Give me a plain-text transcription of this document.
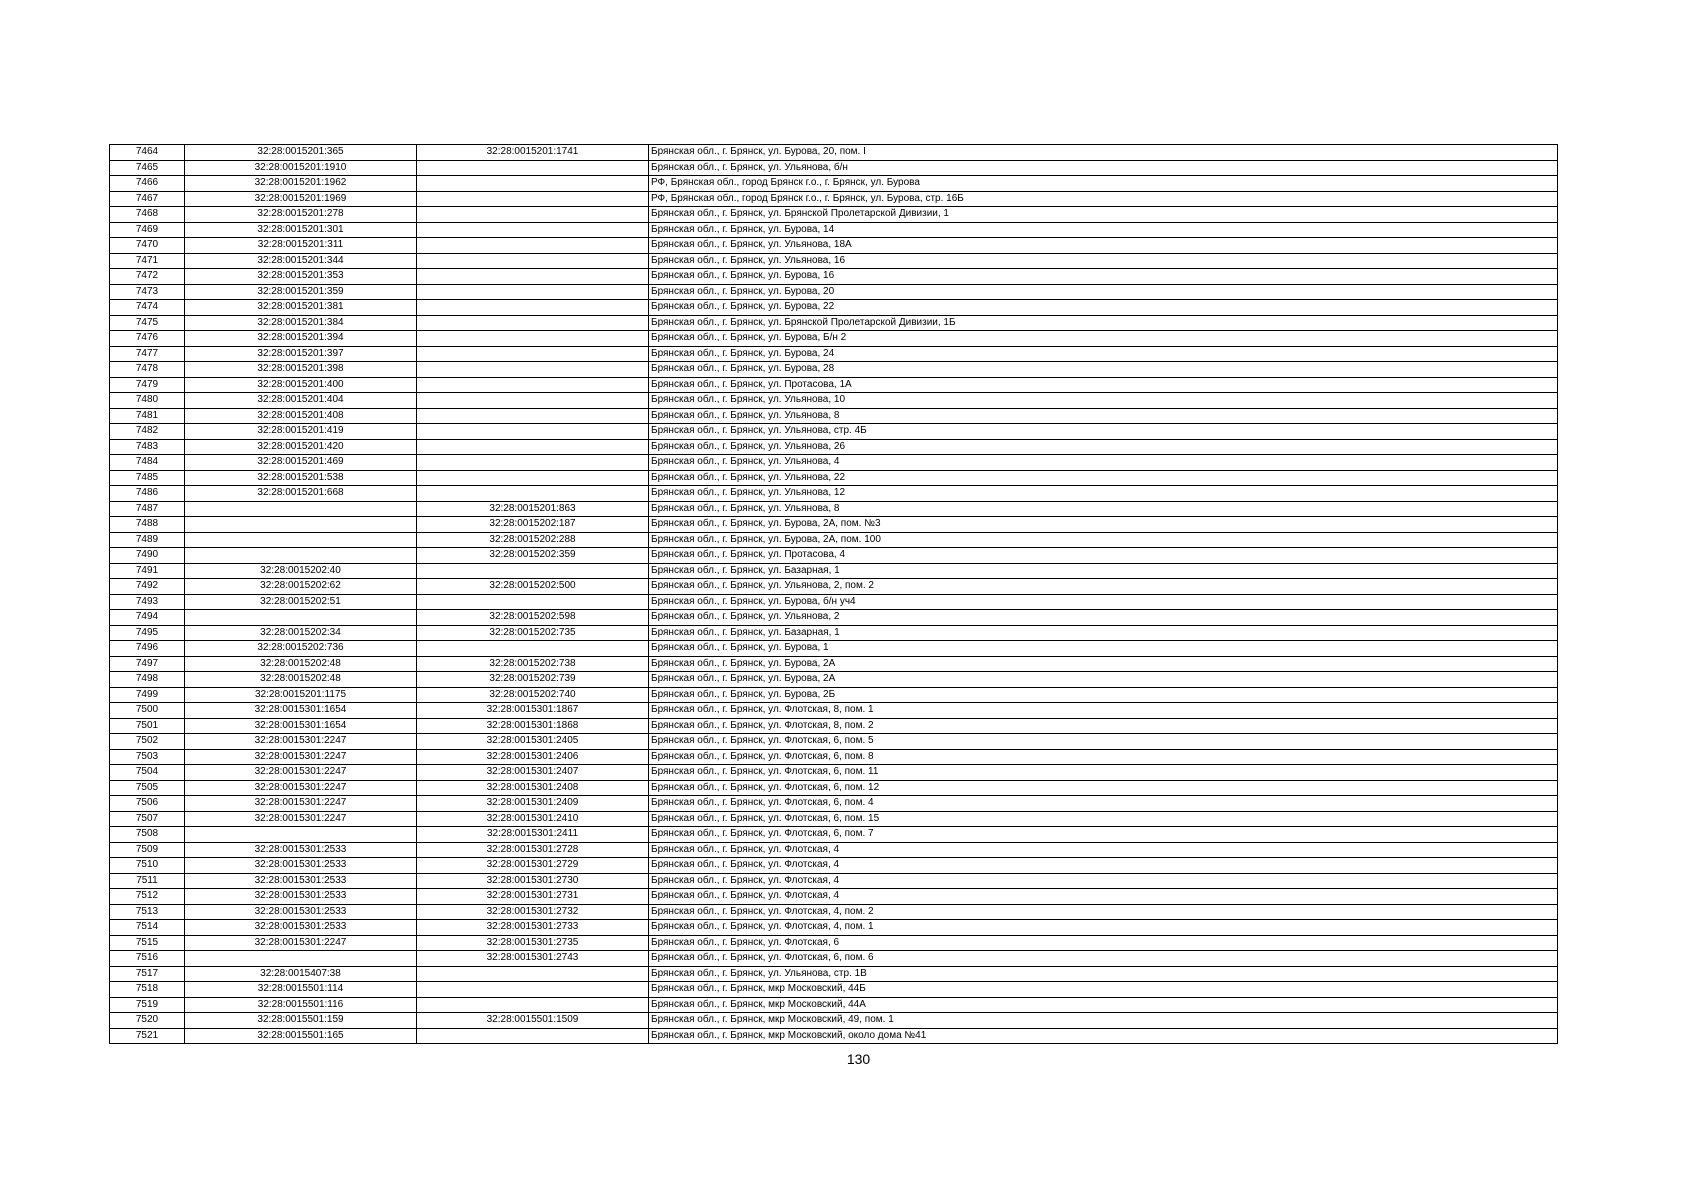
7464	32:28:0015201:365	32:28:0015201:1741	Брянская обл., г. Брянск, ул. Бурова, 20, пом. I
7465	32:28:0015201:1910		Брянская обл., г. Брянск, ул. Ульянова, б/н
7466	32:28:0015201:1962		РФ, Брянская обл., город Брянск г.о., г. Брянск, ул. Бурова
7467	32:28:0015201:1969		РФ, Брянская обл., город Брянск г.о., г. Брянск, ул. Бурова, стр. 16Б
7468	32:28:0015201:278		Брянская обл., г. Брянск, ул. Брянской Пролетарской Дивизии, 1
7469	32:28:0015201:301		Брянская обл., г. Брянск, ул. Бурова, 14
7470	32:28:0015201:311		Брянская обл., г. Брянск, ул. Ульянова, 18А
7471	32:28:0015201:344		Брянская обл., г. Брянск, ул. Ульянова, 16
7472	32:28:0015201:353		Брянская обл., г. Брянск, ул. Бурова, 16
7473	32:28:0015201:359		Брянская обл., г. Брянск, ул. Бурова, 20
7474	32:28:0015201:381		Брянская обл., г. Брянск, ул. Бурова, 22
7475	32:28:0015201:384		Брянская обл., г. Брянск, ул. Брянской Пролетарской Дивизии, 1Б
7476	32:28:0015201:394		Брянская обл., г. Брянск, ул. Бурова, Б/н 2
7477	32:28:0015201:397		Брянская обл., г. Брянск, ул. Бурова, 24
7478	32:28:0015201:398		Брянская обл., г. Брянск, ул. Бурова, 28
7479	32:28:0015201:400		Брянская обл., г. Брянск, ул. Протасова, 1А
7480	32:28:0015201:404		Брянская обл., г. Брянск, ул. Ульянова, 10
7481	32:28:0015201:408		Брянская обл., г. Брянск, ул. Ульянова, 8
7482	32:28:0015201:419		Брянская обл., г. Брянск, ул. Ульянова, стр. 4Б
7483	32:28:0015201:420		Брянская обл., г. Брянск, ул. Ульянова, 26
7484	32:28:0015201:469		Брянская обл., г. Брянск, ул. Ульянова, 4
7485	32:28:0015201:538		Брянская обл., г. Брянск, ул. Ульянова, 22
7486	32:28:0015201:668		Брянская обл., г. Брянск, ул. Ульянова, 12
7487		32:28:0015201:863	Брянская обл., г. Брянск, ул. Ульянова, 8
7488		32:28:0015202:187	Брянская обл., г. Брянск, ул. Бурова, 2А, пом. №3
7489		32:28:0015202:288	Брянская обл., г. Брянск, ул. Бурова, 2А, пом. 100
7490		32:28:0015202:359	Брянская обл., г. Брянск, ул. Протасова, 4
7491	32:28:0015202:40		Брянская обл., г. Брянск, ул. Базарная, 1
7492	32:28:0015202:62	32:28:0015202:500	Брянская обл., г. Брянск, ул. Ульянова, 2, пом. 2
7493	32:28:0015202:51		Брянская обл., г. Брянск, ул. Бурова, б/н уч4
7494		32:28:0015202:598	Брянская обл., г. Брянск, ул. Ульянова, 2
7495	32:28:0015202:34	32:28:0015202:735	Брянская обл., г. Брянск, ул. Базарная, 1
7496	32:28:0015202:736		Брянская обл., г. Брянск, ул. Бурова, 1
7497	32:28:0015202:48	32:28:0015202:738	Брянская обл., г. Брянск, ул. Бурова, 2А
7498	32:28:0015202:48	32:28:0015202:739	Брянская обл., г. Брянск, ул. Бурова, 2А
7499	32:28:0015201:1175	32:28:0015202:740	Брянская обл., г. Брянск, ул. Бурова, 2Б
7500	32:28:0015301:1654	32:28:0015301:1867	Брянская обл., г. Брянск, ул. Флотская, 8, пом. 1
7501	32:28:0015301:1654	32:28:0015301:1868	Брянская обл., г. Брянск, ул. Флотская, 8, пом. 2
7502	32:28:0015301:2247	32:28:0015301:2405	Брянская обл., г. Брянск, ул. Флотская, 6, пом. 5
7503	32:28:0015301:2247	32:28:0015301:2406	Брянская обл., г. Брянск, ул. Флотская, 6, пом. 8
7504	32:28:0015301:2247	32:28:0015301:2407	Брянская обл., г. Брянск, ул. Флотская, 6, пом. 11
7505	32:28:0015301:2247	32:28:0015301:2408	Брянская обл., г. Брянск, ул. Флотская, 6, пом. 12
7506	32:28:0015301:2247	32:28:0015301:2409	Брянская обл., г. Брянск, ул. Флотская, 6, пом. 4
7507	32:28:0015301:2247	32:28:0015301:2410	Брянская обл., г. Брянск, ул. Флотская, 6, пом. 15
7508		32:28:0015301:2411	Брянская обл., г. Брянск, ул. Флотская, 6, пом. 7
7509	32:28:0015301:2533	32:28:0015301:2728	Брянская обл., г. Брянск, ул. Флотская, 4
7510	32:28:0015301:2533	32:28:0015301:2729	Брянская обл., г. Брянск, ул. Флотская, 4
7511	32:28:0015301:2533	32:28:0015301:2730	Брянская обл., г. Брянск, ул. Флотская, 4
7512	32:28:0015301:2533	32:28:0015301:2731	Брянская обл., г. Брянск, ул. Флотская, 4
7513	32:28:0015301:2533	32:28:0015301:2732	Брянская обл., г. Брянск, ул. Флотская, 4, пом. 2
7514	32:28:0015301:2533	32:28:0015301:2733	Брянская обл., г. Брянск, ул. Флотская, 4, пом. 1
7515	32:28:0015301:2247	32:28:0015301:2735	Брянская обл., г. Брянск, ул. Флотская, 6
7516		32:28:0015301:2743	Брянская обл., г. Брянск, ул. Флотская, 6, пом. 6
7517	32:28:0015407:38		Брянская обл., г. Брянск, ул. Ульянова, стр. 1В
7518	32:28:0015501:114		Брянская обл., г. Брянск, мкр Московский, 44Б
7519	32:28:0015501:116		Брянская обл., г. Брянск, мкр Московский, 44А
7520	32:28:0015501:159	32:28:0015501:1509	Брянская обл., г. Брянск, мкр Московский, 49, пом. 1
7521	32:28:0015501:165		Брянская обл., г. Брянск, мкр Московский, около дома №41
130
